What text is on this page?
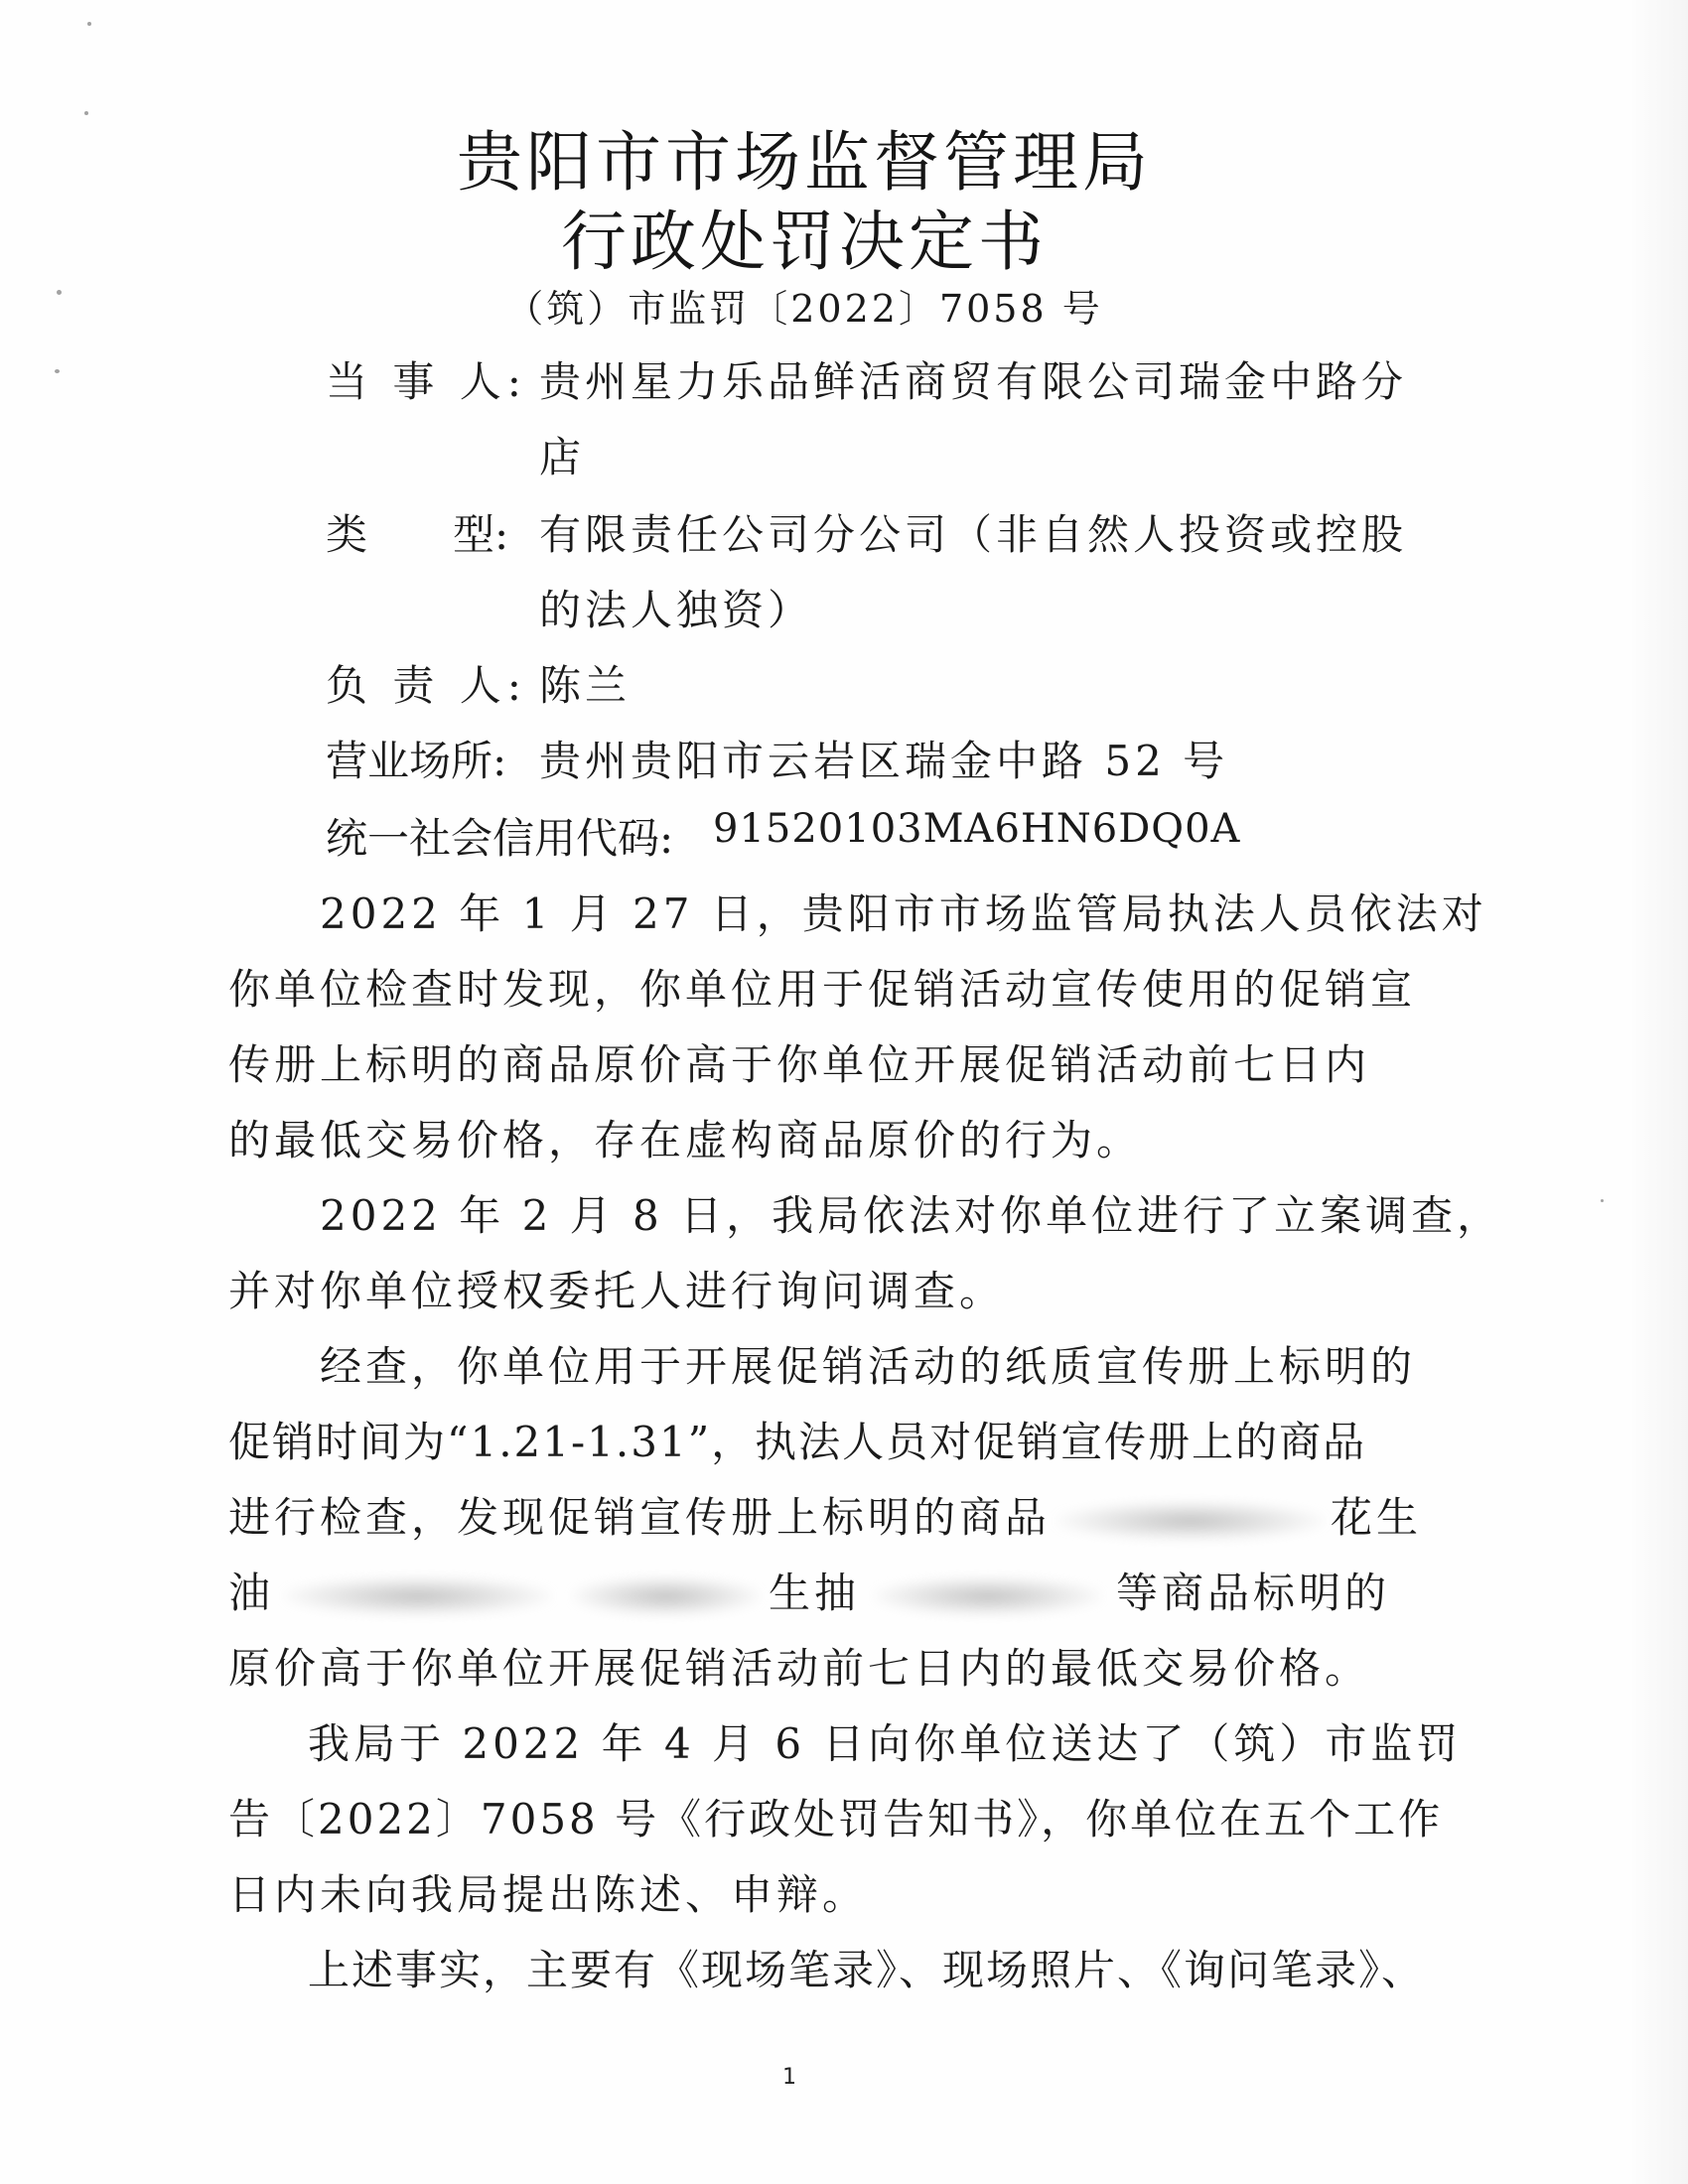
贵阳市市场监督管理局
行政处罚决定书
（筑）市监罚〔2022〕7058 号
当 事 人: 贵州星力乐品鲜活商贸有限公司瑞金中路分
店
类 型: 有限责任公司分公司（非自然人投资或控股
的法人独资）
负 责 人: 陈兰
营业场所: 贵州贵阳市云岩区瑞金中路 52 号
统一社会信用代码: 91520103MA6HN6DQ0A
2022 年 1 月 27 日，贵阳市市场监管局执法人员依法对
你单位检查时发现，你单位用于促销活动宣传使用的促销宣
传册上标明的商品原价高于你单位开展促销活动前七日内
的最低交易价格，存在虚构商品原价的行为。
2022 年 2 月 8 日，我局依法对你单位进行了立案调查，
并对你单位授权委托人进行询问调查。
经查，你单位用于开展促销活动的纸质宣传册上标明的
促销时间为“1.21-1.31”，执法人员对促销宣传册上的商品
进行检查，发现促销宣传册上标明的商品	花生
油	生抽	等商品标明的
原价高于你单位开展促销活动前七日内的最低交易价格。
我局于 2022 年 4 月 6 日向你单位送达了（筑）市监罚
告〔2022〕7058 号《行政处罚告知书》，你单位在五个工作
日内未向我局提出陈述、申辩。
上述事实，主要有《现场笔录》、现场照片、《询问笔录》、
1
